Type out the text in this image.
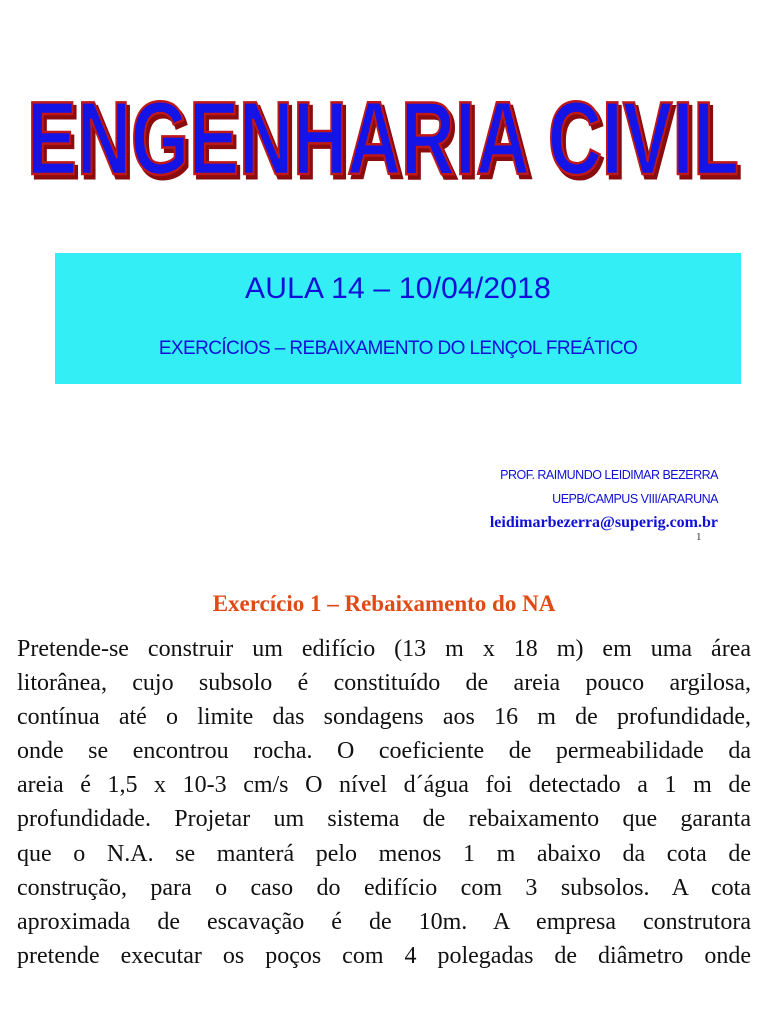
ENGENHARIA CIVIL
ENGENHARIA CIVIL
AULA 14 – 10/04/2018
EXERCÍCIOS – REBAIXAMENTO DO LENÇOL FREÁTICO
PROF. RAIMUNDO LEIDIMAR BEZERRA
UEPB/CAMPUS VIII/ARARUNA
leidimarbezerra@superig.com.br
1
Exercício 1 – Rebaixamento do NA
Pretende-se construir um edifício (13 m x 18 m) em uma área
litorânea, cujo subsolo é constituído de areia pouco argilosa,
contínua até o limite das sondagens aos 16 m de profundidade,
onde se encontrou rocha. O coeficiente de permeabilidade da
areia é 1,5 x 10-3 cm/s O nível d´água foi detectado a 1 m de
profundidade. Projetar um sistema de rebaixamento que garanta
que o N.A. se manterá pelo menos 1 m abaixo da cota de
construção, para o caso do edifício com 3 subsolos. A cota
aproximada de escavação é de 10m. A empresa construtora
pretende executar os poços com 4 polegadas de diâmetro onde
